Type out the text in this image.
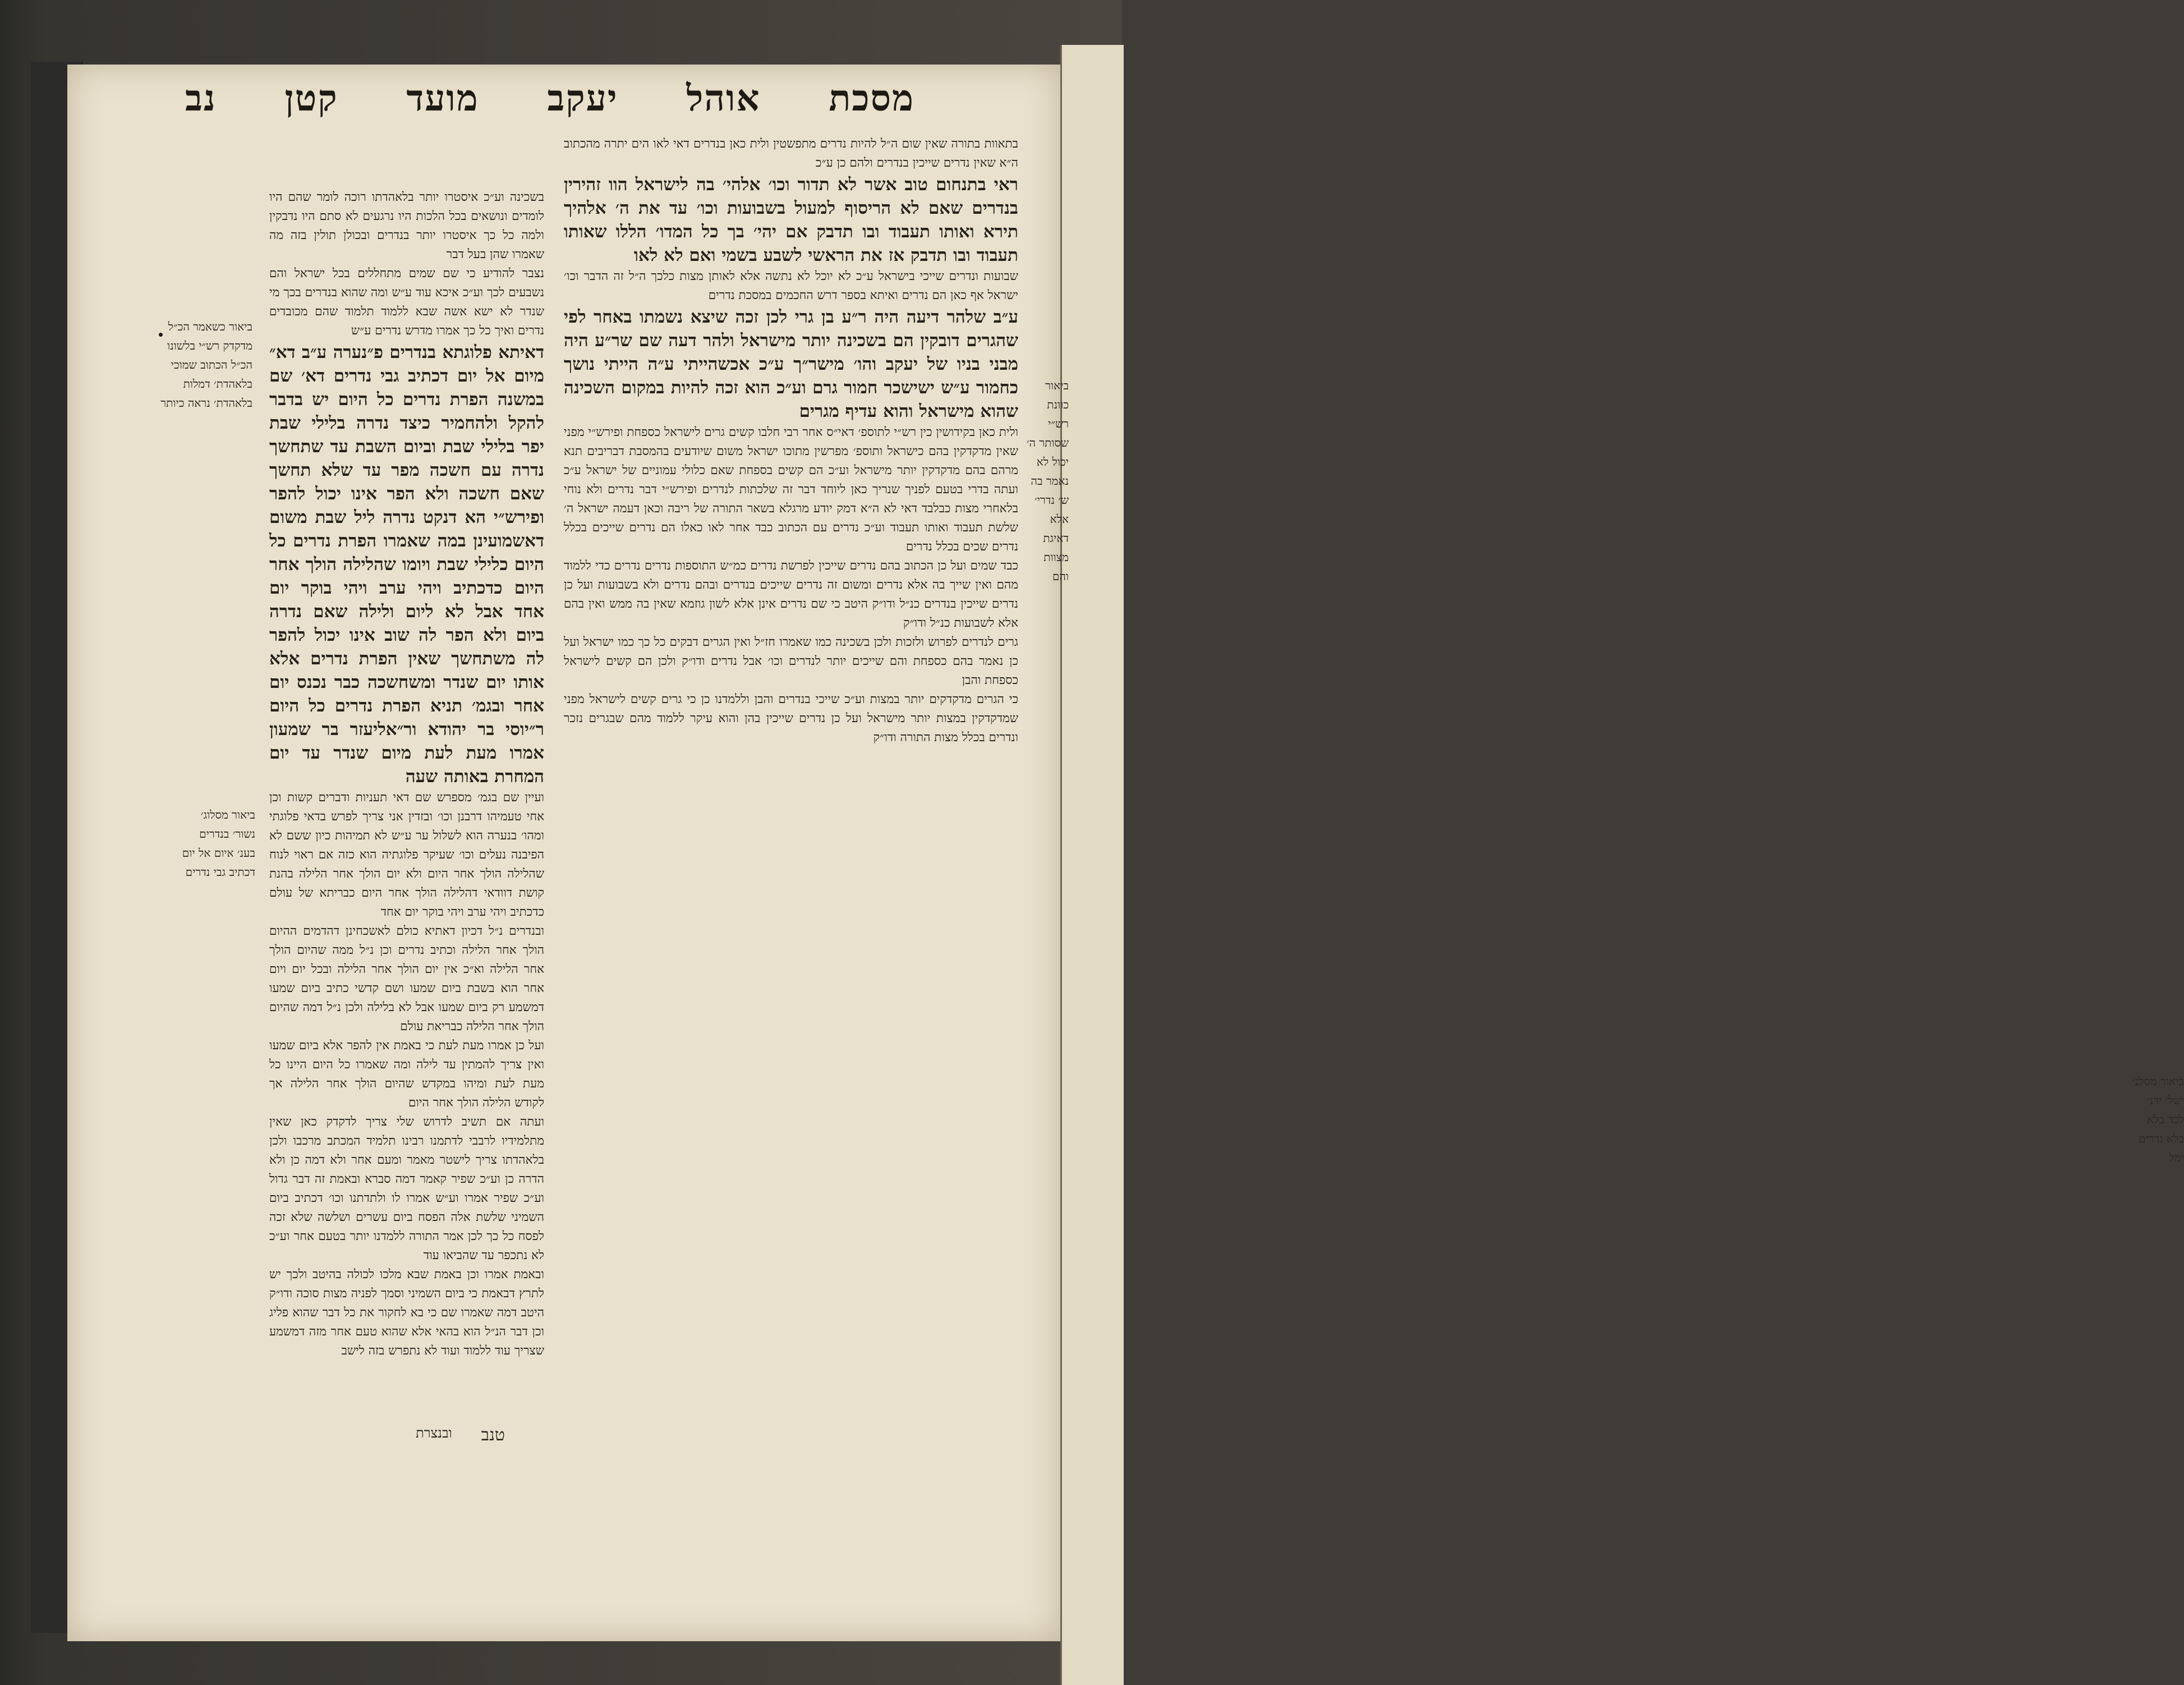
ביאור מסלנ׳ ישל׳ ידנ׳ לכד בלא בלא נדרים ימל
מסכת
אוהל
יעקב
מועד
קטן
נב

בתאוות בתורה שאין שום ה״ל להיות נדרים מתפשטין ולית כאן בנדרים דאי לאו הים יתרה מהכתוב ה״א שאין נדרים שייכין בנדרים ולהם כן ע״כ

ראי בתנחום טוב אשר לא תדור וכו׳ אלהי׳ בה לישראל הוו זהירין בנדרים שאם לא הריסוף למעול בשבועות וכו׳ עד את ה׳ אלהיך תירא ואותו תעבוד ובו תדבק אם יהי׳ בך כל המדו׳ הללו שאותו תעבוד ובו תדבק אז את הראשי לשבע בשמי ואם לא לאו

שבועות ונדרים שייכי בישראל ע״כ לא יוכל לא נתשה אלא לאותן מצות כלכך ה״ל זה הדבר וכו׳ ישראל אף כאן הם נדרים ואיתא בספר דרש החכמים במסכת נדרים

ע״ב שלהר דיעה היה ר״ע בן גרי לכן זכה שיצא נשמתו באחר לפי שהגרים דובקין הם בשכינה יותר מישראל ולהר דעה שם שר״ע היה מבני בניו של יעקב והו׳ מישר״ך ע״כ אכשהייתי ע״ה הייתי נושך כחמור ע״ש ישישכר חמור גרם וע״כ הוא זכה להיות במקום השכינה שהוא מישראל והוא עדיף מגרים

ולית כאן בקידושין כין רש״י לתוספ׳ דאי״ס אחר רבי חלבו קשים גרים לישראל כספחת ופירש״י מפני שאין מדקדקין בהם כישראל ותוספ׳ מפרשין מתוכו ישראל משום שיודעים בהמסבת דבריבים תנא מרהם בהם מדקדקין יותר מישראל וע״כ הם קשים בספחת שאם כלולי עמוניים של ישראל ע״כ ועתה בדרי בטעם לפניך שנריך כאן ליוחד דבר זה שלכתות לנדרים ופירש״י דבר נדרים ולא נוחי בלאחרי מצות כבלבד דאי לא ה״א דמק יודע מרגלא בשאר התורה של ריבה וכאן דעמה ישראל ה׳ שלשת תעבוד ואותו תעבוד וע״כ נדרים עם הכתוב כבד אחר לאו כאלו הם נדרים שייכים בכלל נדרים שכים בכלל נדרים

כבד שמים ועל כן הכתוב בהם נדרים שייכין לפרשת נדרים כמ״ש התוספות נדרים נדרים כדי ללמוד מהם ואין שייך בה אלא נדרים ומשום זה נדרים שייכים בנדרים ובהם נדרים ולא בשבועות ועל כן נדרים שייכין בנדרים כנ״ל ודו״ק היטב כי שם נדרים אינן אלא לשון גוזמא שאין בה ממש ואין בהם אלא לשבועות כנ״ל ודו״ק

גרים לנדרים לפרוש ולזכות ולכן בשכינה כמו שאמרו חז״ל ואין הגרים דבקים כל כך כמו ישראל ועל כן נאמר בהם כספחת והם שייכים יותר לנדרים וכו׳ אבל נדרים ודו״ק ולכן הם קשים לישראל כספחת והבן

כי הגרים מדקדקים יותר במצות וע״כ שייכי בנדרים והבן וללמדנו כן כי גרים קשים לישראל מפני שמדקדקין במצות יותר מישראל ועל כן נדרים שייכין בהן והוא עיקר ללמוד מהם שבגרים נזכר ונדרים בכלל מצות התורה ודו״ק

בשכינה וע״כ איסטרו יותר בלאהדתו רוכה לומר שהם היו לומדים ונושאים בכל הלכות היו נרגעים לא סתם היו נדבקין ולמה כל כך איסטרו יותר בנדרים ובכולן תולין בזה מה שאמרו שהן בעל דבר

נצבר להודיע כי שם שמים מתחללים בכל ישראל והם נשבעים לכך וע״כ איכא עוד ע״ש ומה שהוא בנדרים בכך מי שנדר לא ישא אשה שבא ללמוד תלמוד שהם מכובדים נדרים ואיך כל כך אמרו מדרש נדרים ע״ש

דאיתא פלוגתא בנדרים פ״נערה ע״ב דא״ מיום אל יום דכתיב גבי נדרים דא׳ שם במשנה הפרת נדרים כל היום יש בדבר להקל ולהחמיר כיצד נדרה בלילי שבת יפר בלילי שבת וביום השבת עד שתחשך נדרה עם חשכה מפר עד שלא תחשך שאם חשכה ולא הפר אינו יכול להפר ופירש״י הא דנקט נדרה ליל שבת משום דאשמועינן במה שאמרו הפרת נדרים כל היום כלילי שבת ויומו שהלילה הולך אחר היום כדכתיב ויהי ערב ויהי בוקר יום אחד אבל לא ליום ולילה שאם נדרה ביום ולא הפר לה שוב אינו יכול להפר לה משתחשך שאין הפרת נדרים אלא אותו יום שנדר ומשחשכה כבר נכנס יום אחר ובגמ׳ תניא הפרת נדרים כל היום ר״יוסי בר יהודא ור״אליעזר בר שמעון אמרו מעת לעת מיום שנדר עד יום המחרת באותה שעה

ועיין שם בגמ׳ מספרש שם דאי תעניות ודברים קשות וכן אחי טעמיהו דרבנן וכו׳ ובזדין אני צריך לפרש בדאי פלוגתי ומהו׳ בנערה הוא לשלול ער ע״ש לא תמיהות כיון ששם לא הפיבנה נעלים וכו׳ שעיקר פלוגתיה הוא כזה אם ראוי לנוח שהלילה הולך אחר היום ולא יום הולך אחר הלילה בהנת קושת דוודאי דהלילה הולך אחר היום כבריתא של עולם כדכתיב ויהי ערב ויהי בוקר יום אחד

ובנדרים נ״ל דכיון דאתיא כולם לאשכחינן דהדמים ההיום הולך אחר הלילה וכתיב נדרים וכן נ״ל ממה שהיום הולך אחר הלילה וא״כ אין יום הולך אחר הלילה ובכל יום ויום אחר הוא בשבת ביום שמעו ושם קדשי כתיב ביום שמעו דמשמע רק ביום שמעו אבל לא בלילה ולכן נ״ל דמה שהיום הולך אחר הלילה כבריאת עולם

ועל כן אמרו מעת לעת כי באמת אין להפר אלא ביום שמעו ואין צריך להמתין עד לילה ומה שאמרו כל היום היינו כל מעת לעת ומיהו במקדש שהיום הולך אחר הלילה אך לקודש הלילה הולך אחר היום

ועתה אם תשיב לדרוש שלי צריך לדקדק כאן שאין מתלמידיו לרבבי לדתמנו רבינו תלמיד המכתב מרכבו ולכן בלאהדתו צריך לישטר מאמר ומעם אחר ולא דמה כן ולא הדרה כן וע״כ שפיר קאמר דמה סברא ובאמת זה דבר גדול וע״כ שפיר אמרו וע״ש אמרו לו ולתדתנו וכו׳ דכתיב ביום השמיני שלשת אלה הפסח ביום עשרים ושלשה שלא זכה לפסח כל כך לכן אמר התורה ללמדנו יותר בטעם אחר וע״כ לא נתכפר עד שהביאו עוד

ובאמת אמרו וכן באמת שבא מלכו לכולה בהיטב ולכך יש לתרץ דבאמת כי ביום השמיני וסמך לפניה מצות סוכה ודו״ק היטב דמה שאמרו שם כי בא לחקור את כל דבר שהוא פליג וכן דבר הנ״ל הוא בהאי אלא שהוא טעם אחר מזה דמשמע שצריך עוד ללמוד ועוד לא נתפרש בזה לישב

ביאור כוונת רש״י שסותר ה׳ יכול לא נאמר בה ש׳ נדרי׳ אלא דאיגת מצוות והם
ביאור כשאמר הכ״ל מדקדק רש״י בלשונו הכ״ל הכתוב שמוכי בלאהדת׳ דמלות בלאהדת׳ נראה כיותר
ביאור מסלוג׳ נשור׳ בנדרים בענ׳ איום אל יום דכתיב גבי נדרים
טנב
ובנצרת
